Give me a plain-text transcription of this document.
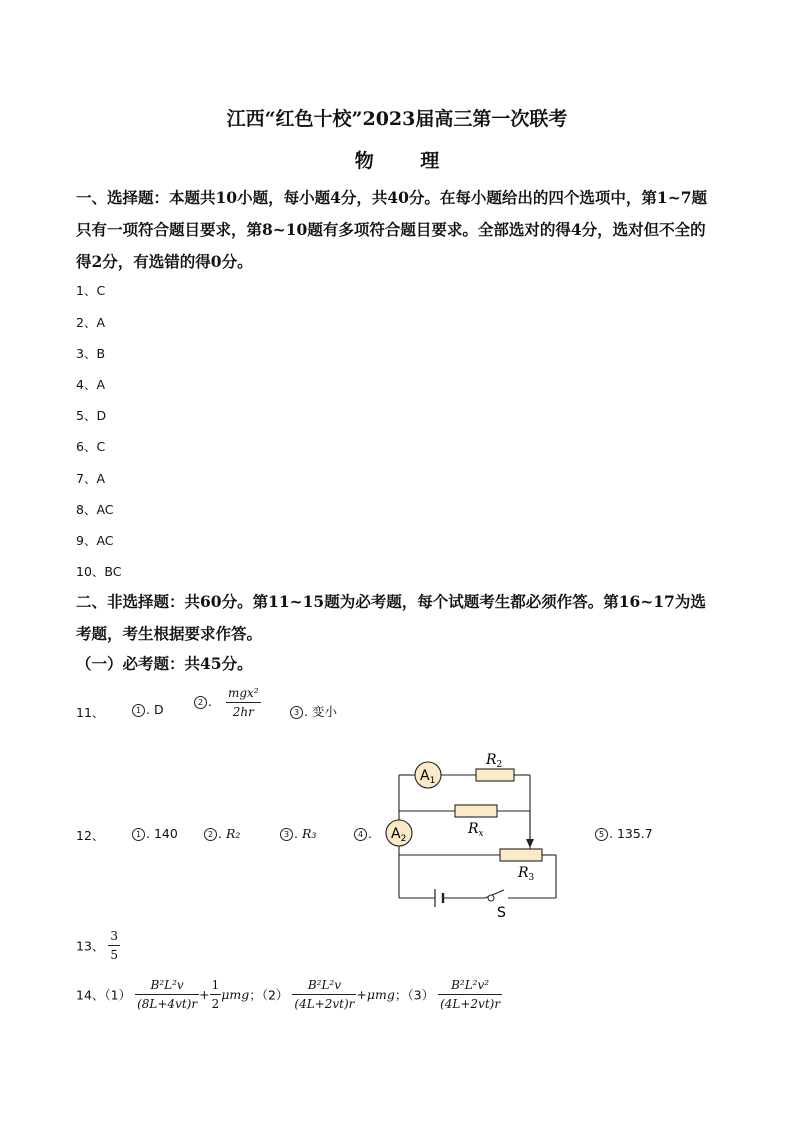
江西“红色十校”2023届高三第一次联考
物 理
一、选择题：本题共10小题，每小题4分，共40分。在每小题给出的四个选项中，第1~7题只有一项符合题目要求，第8~10题有多项符合题目要求。全部选对的得4分，选对但不全的得2分，有选错的得0分。
1、C
2、A
3、B
4、A
5、D
6、C
7、A
8、AC
9、AC
10、BC
二、非选择题：共60分。第11~15题为必考题，每个试题考生都必须作答。第16~17为选考题，考生根据要求作答。
（一）必考题：共45分。
11、	1 . D	2 . $\frac{\text{mgx²}}{2hr}$	3 . 变小
12、	1 . 140	2 . R₂	3 . R₃	4 .	5 . 135.7
$A_1$
$A_2$
$R_2$
$R_x$
$R_3$
S
13、 $\frac{3}{5}$
14、$(1) \frac{\text{B²L²v}}{(8L+4vt)r} + \frac{1}{2}$ μmg；$(2) \frac{\text{B²L²v}}{(4L+2vt)r} +\mu mg$；$(3) \frac{\text{B²L²v²}}{(4L+2vt)r}$
